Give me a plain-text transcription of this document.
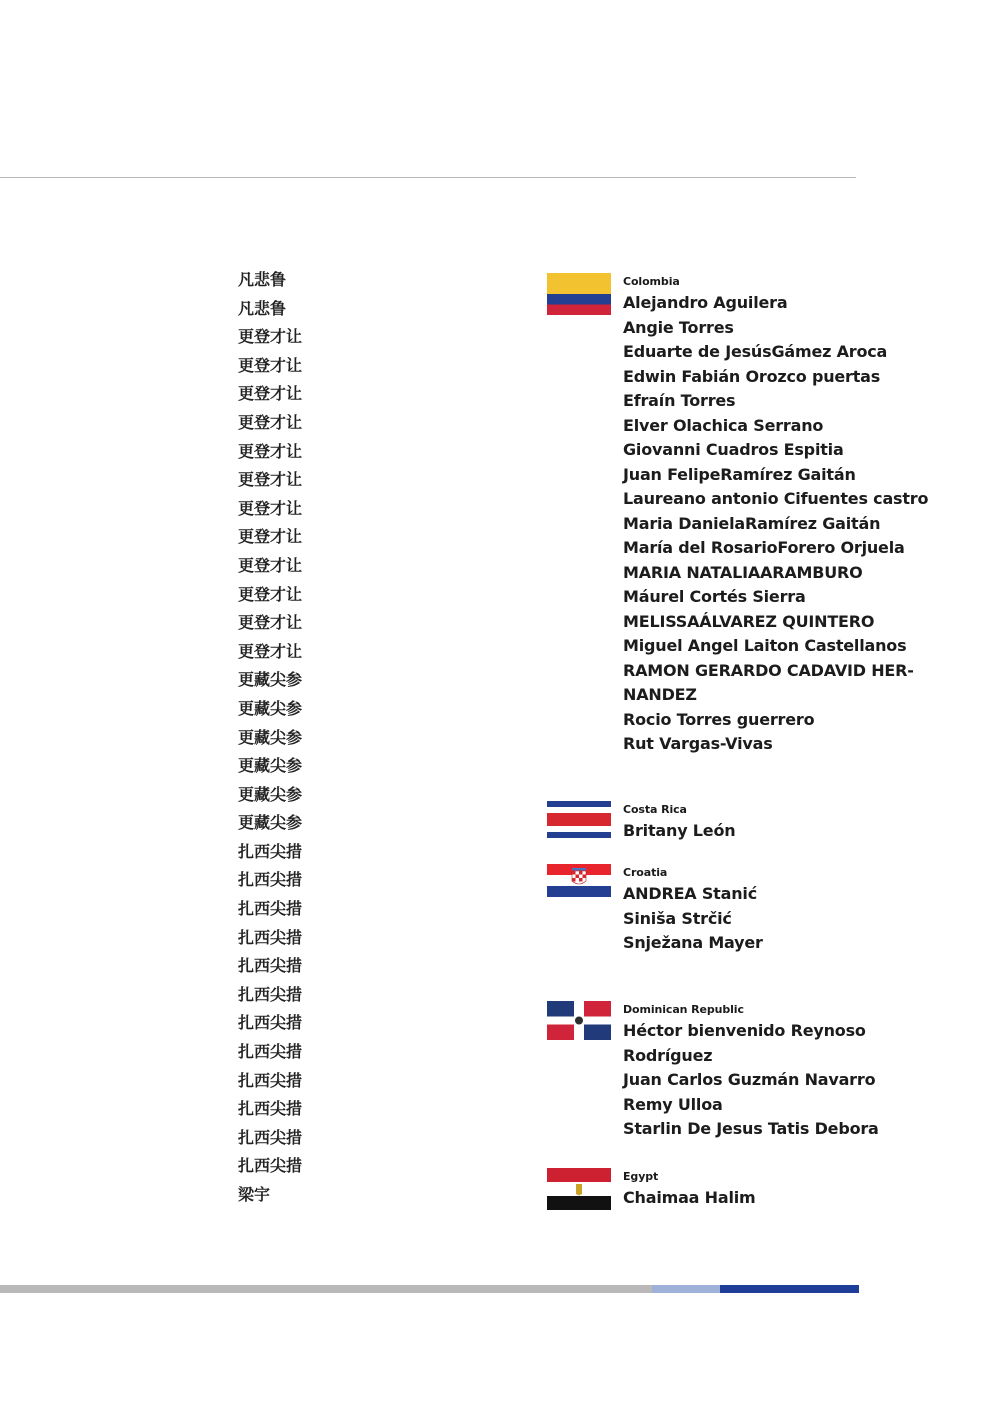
凡悲鲁
凡悲鲁
更登才让
更登才让
更登才让
更登才让
更登才让
更登才让
更登才让
更登才让
更登才让
更登才让
更登才让
更登才让
更藏尖参
更藏尖参
更藏尖参
更藏尖参
更藏尖参
更藏尖参
扎西尖措
扎西尖措
扎西尖措
扎西尖措
扎西尖措
扎西尖措
扎西尖措
扎西尖措
扎西尖措
扎西尖措
扎西尖措
扎西尖措
梁宇
Colombia
Alejandro Aguilera
Angie Torres
Eduarte de JesúsGámez Aroca
Edwin Fabián Orozco puertas
Efraín Torres
Elver Olachica Serrano
Giovanni Cuadros Espitia
Juan FelipeRamírez Gaitán
Laureano antonio Cifuentes castro
Maria DanielaRamírez Gaitán
María del RosarioForero Orjuela
MARIA NATALIAARAMBURO
Máurel Cortés Sierra
MELISSAÁLVAREZ QUINTERO
Miguel Angel Laiton Castellanos
RAMON GERARDO CADAVID HER-
NANDEZ
Rocio Torres guerrero
Rut Vargas-Vivas
Costa Rica
Britany León
Croatia
ANDREA Stanić
Siniša Strčić
Snježana Mayer
Dominican Republic
Héctor bienvenido Reynoso
Rodríguez
Juan Carlos Guzmán Navarro
Remy Ulloa
Starlin De Jesus Tatis Debora
Egypt
Chaimaa Halim
